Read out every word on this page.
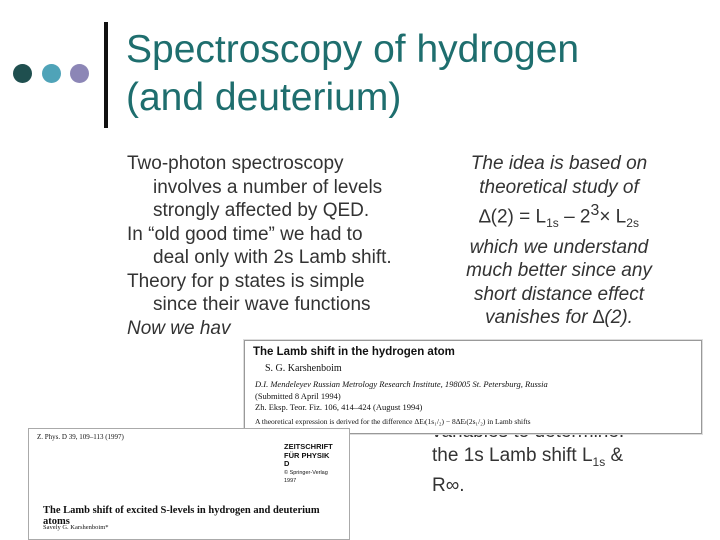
Spectroscopy of hydrogen
(and deuterium)

Two-photon spectroscopy involves a number of levels strongly affected by QED.

In “old good time” we had to deal only with 2s Lamb shift.

Theory for p states is simple since their wave functions

Now we hav

The idea is based on

theoretical study of

$\Delta(2) = L_{1s} - 2^3\times L_{2s}$

which we understand

much better since any

short distance effect

vanishes for ∆(2).

the 1s Lamb shift $L_{1s}$ &

R∞.

The Lamb shift in the hydrogen atom
S. G. Karshenboim
D.I. Mendeleyev Russian Metrology Research Institute, 198005 St. Petersburg, Russia
(Submitted 8 April 1994)
Zh. Eksp. Teor. Fiz. 106, 414–424 (August 1994)
A theoretical expression is derived for the difference ΔEₗ(1s₁/₂) − 8ΔEₗ(2s₁/₂) in Lamb shifts
Z. Phys. D 39, 109–113 (1997)
ZEITSCHRIFT
FÜR PHYSIK D
© Springer-Verlag 1997
The Lamb shift of excited S-levels in hydrogen and deuterium atoms
Savely G. Karshenboim*
